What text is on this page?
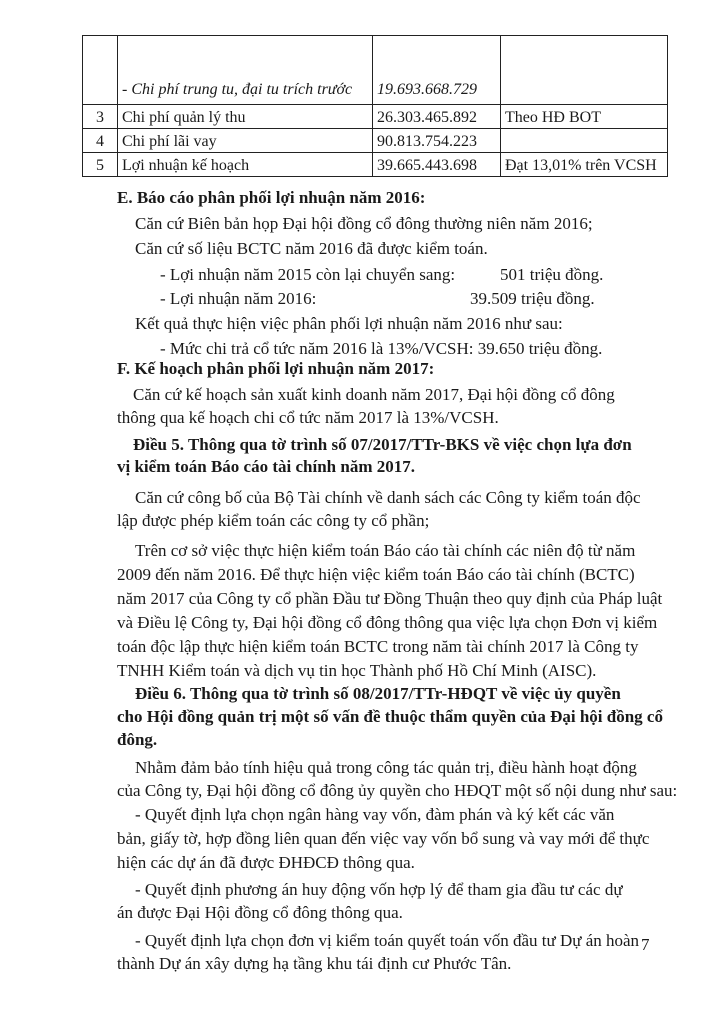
	- Chi phí trung tu, đại tu trích trước	19.693.668.729	
3	Chi phí quản lý thu	26.303.465.892	Theo HĐ BOT
4	Chi phí lãi vay	90.813.754.223	
5	Lợi nhuận kế hoạch	39.665.443.698	Đạt 13,01% trên VCSH

E. Báo cáo phân phối lợi nhuận năm 2016:

Căn cứ Biên bản họp Đại hội đồng cổ đông thường niên năm 2016;

Căn cứ số liệu BCTC năm 2016 đã được kiểm toán.

- Lợi nhuận năm 2015 còn lại chuyển sang:	501 triệu đồng.

- Lợi nhuận năm 2016:	39.509 triệu đồng.

Kết quả thực hiện việc phân phối lợi nhuận năm 2016 như sau:

- Mức chi trả cổ tức năm 2016 là 13%/VCSH: 39.650 triệu đồng.

F. Kế hoạch phân phối lợi nhuận năm 2017:

Căn cứ kế hoạch sản xuất kinh doanh năm 2017, Đại hội đồng cổ đông

thông qua kế hoạch chi cổ tức năm 2017 là 13%/VCSH.

Điều 5. Thông qua tờ trình số 07/2017/TTr-BKS về việc chọn lựa đơn

vị kiểm toán Báo cáo tài chính năm 2017.

Căn cứ công bố của Bộ Tài chính về danh sách các Công ty kiểm toán độc

lập được phép kiểm toán các công ty cổ phần;

Trên cơ sở việc thực hiện kiểm toán Báo cáo tài chính các niên độ từ năm

2009 đến năm 2016. Để thực hiện việc kiểm toán Báo cáo tài chính (BCTC)

năm 2017 của Công ty cổ phần Đầu tư Đồng Thuận theo quy định của Pháp luật

và Điều lệ Công ty, Đại hội đồng cổ đông thông qua việc lựa chọn Đơn vị kiểm

toán độc lập thực hiện kiểm toán BCTC trong năm tài chính 2017 là Công ty

TNHH Kiểm toán và dịch vụ tin học Thành phố Hồ Chí Minh (AISC).

Điều 6. Thông qua tờ trình số 08/2017/TTr-HĐQT về việc ủy quyền

cho Hội đồng quản trị một số vấn đề thuộc thẩm quyền của Đại hội đồng cổ

đông.

Nhằm đảm bảo tính hiệu quả trong công tác quản trị, điều hành hoạt động

của Công ty, Đại hội đồng cổ đông ủy quyền cho HĐQT một số nội dung như sau:

- Quyết định lựa chọn ngân hàng vay vốn, đàm phán và ký kết các văn

bản, giấy tờ, hợp đồng liên quan đến việc vay vốn bổ sung và vay mới để thực

hiện các dự án đã được ĐHĐCĐ thông qua.

- Quyết định phương án huy động vốn hợp lý để tham gia đầu tư các dự

án được Đại Hội đồng cổ đông thông qua.

- Quyết định lựa chọn đơn vị kiểm toán quyết toán vốn đầu tư Dự án hoàn

thành Dự án xây dựng hạ tầng khu tái định cư Phước Tân.

7
